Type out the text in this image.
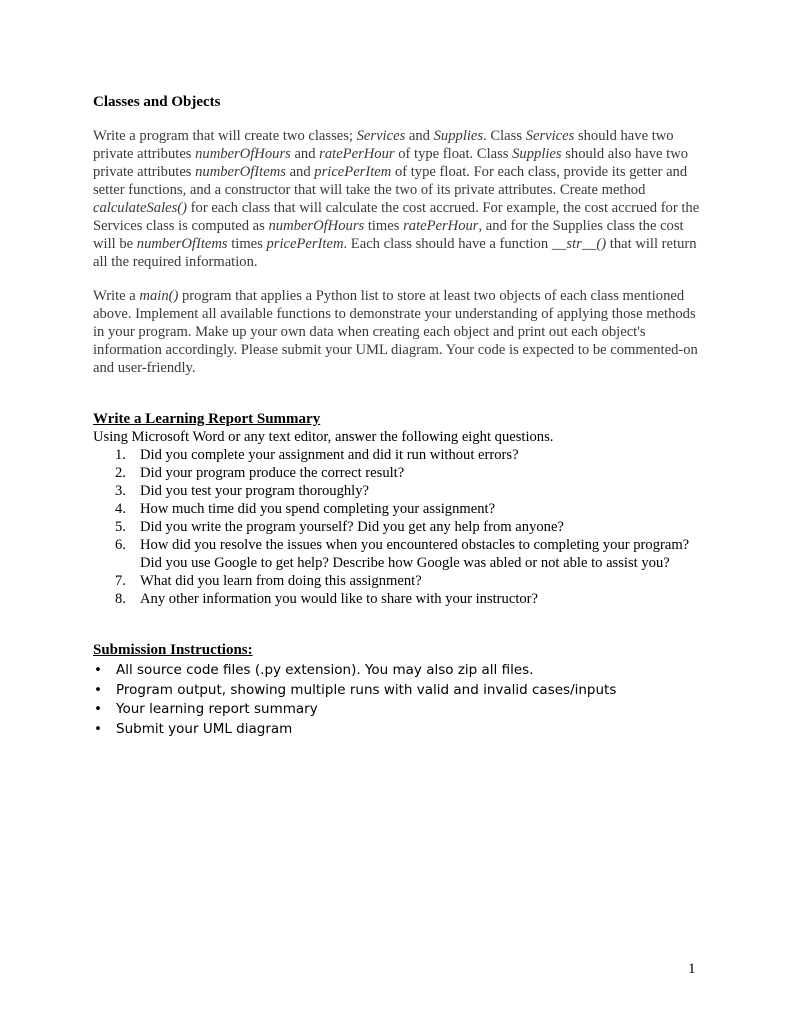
Classes and Objects

Write a program that will create two classes; Services and Supplies. Class Services should have two private attributes numberOfHours and ratePerHour of type float. Class Supplies should also have two private attributes numberOfItems and pricePerItem of type float. For each class, provide its getter and setter functions, and a constructor that will take the two of its private attributes. Create method calculateSales() for each class that will calculate the cost accrued. For example, the cost accrued for the Services class is computed as numberOfHours times ratePerHour, and for the Supplies class the cost will be numberOfItems times pricePerItem. Each class should have a function __str__() that will return all the required information.

Write a main() program that applies a Python list to store at least two objects of each class mentioned above. Implement all available functions to demonstrate your understanding of applying those methods in your program. Make up your own data when creating each object and print out each object's information accordingly. Please submit your UML diagram. Your code is expected to be commented-on and user-friendly.

Write a Learning Report Summary

Using Microsoft Word or any text editor, answer the following eight questions.

1. Did you complete your assignment and did it run without errors?
2. Did your program produce the correct result?
3. Did you test your program thoroughly?
4. How much time did you spend completing your assignment?
5. Did you write the program yourself? Did you get any help from anyone?
6. How did you resolve the issues when you encountered obstacles to completing your program? Did you use Google to get help? Describe how Google was abled or not able to assist you?
7. What did you learn from doing this assignment?
8. Any other information you would like to share with your instructor?

Submission Instructions:

• All source code files (.py extension). You may also zip all files.
• Program output, showing multiple runs with valid and invalid cases/inputs
• Your learning report summary
• Submit your UML diagram
1
